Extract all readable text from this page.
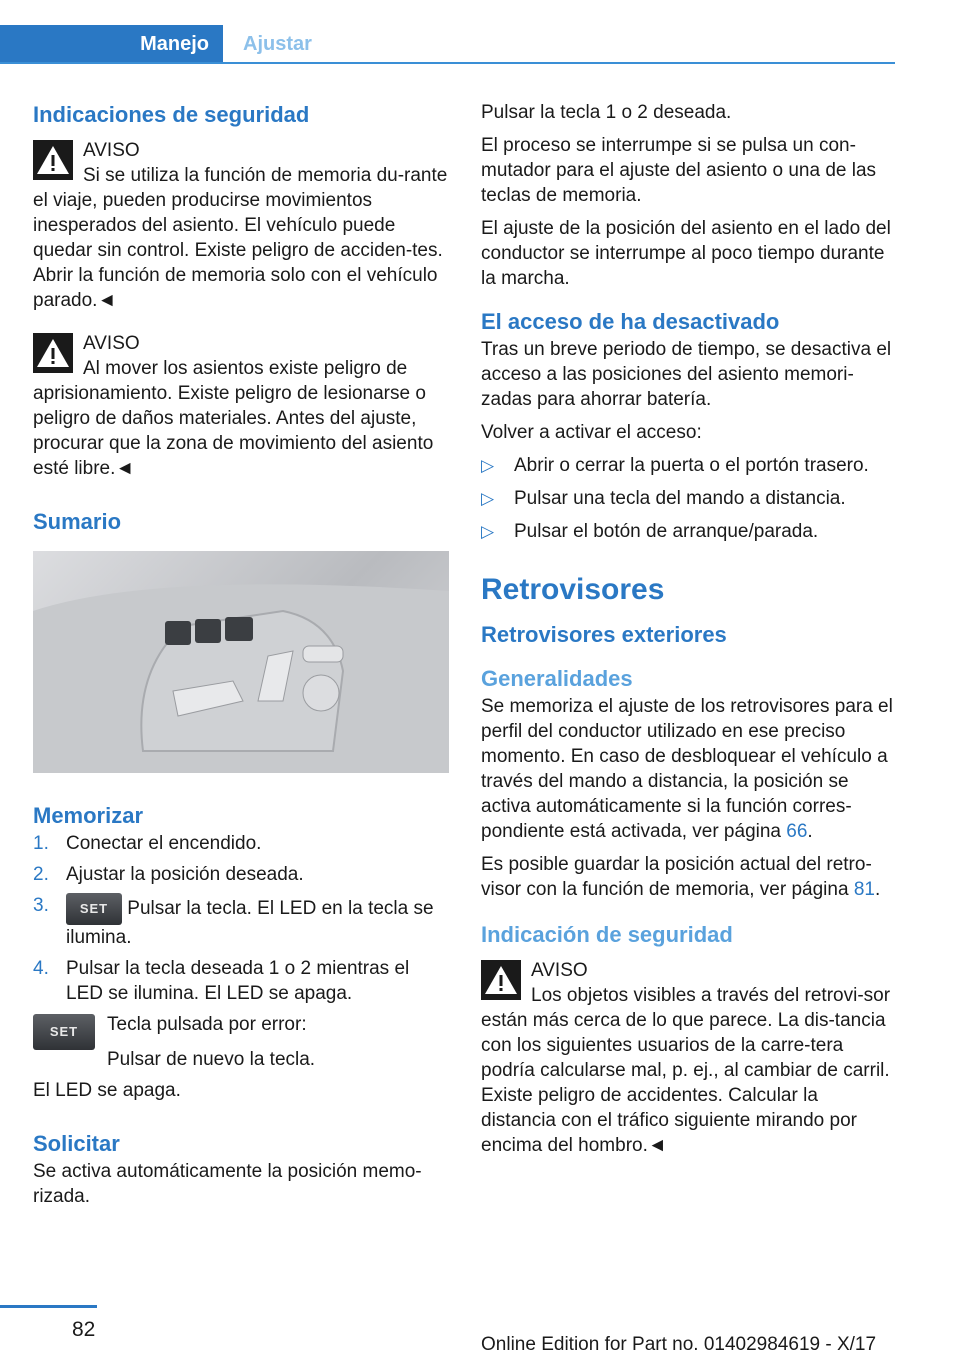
Manejo Ajustar
Indicaciones de seguridad
AVISO

Si se utiliza la función de memoria du-rante el viaje, pueden producirse movimientos inesperados del asiento. El vehículo puede quedar sin control. Existe peligro de acciden-tes. Abrir la función de memoria solo con el vehículo parado.◄

AVISO

Al mover los asientos existe peligro de aprisionamiento. Existe peligro de lesionarse o peligro de daños materiales. Antes del ajuste, procurar que la zona de movimiento del asiento esté libre.◄

Sumario
Memorizar
1. Conectar el encendido.
2. Ajustar la posición deseada.
3. SET Pulsar la tecla. El LED en la tecla se ilumina.
4. Pulsar la tecla deseada 1 o 2 mientras el LED se ilumina. El LED se apaga.
SET	Tecla pulsada por error:

Pulsar de nuevo la tecla.

El LED se apaga.

Solicitar

Se activa automáticamente la posición memo-rizada.

Pulsar la tecla 1 o 2 deseada.

El proceso se interrumpe si se pulsa un con-mutador para el ajuste del asiento o una de las teclas de memoria.

El ajuste de la posición del asiento en el lado del conductor se interrumpe al poco tiempo durante la marcha.

El acceso de ha desactivado

Tras un breve periodo de tiempo, se desactiva el acceso a las posiciones del asiento memori-zadas para ahorrar batería.

Volver a activar el acceso:

▷ Abrir o cerrar la puerta o el portón trasero.
▷ Pulsar una tecla del mando a distancia.
▷ Pulsar el botón de arranque/parada.
Retrovisores
Retrovisores exteriores
Generalidades

Se memoriza el ajuste de los retrovisores para el perfil del conductor utilizado en ese preciso momento. En caso de desbloquear el vehículo a través del mando a distancia, la posición se activa automáticamente si la función corres-pondiente está activada, ver página 66.

Es posible guardar la posición actual del retro-visor con la función de memoria, ver página 81.

Indicación de seguridad
AVISO

Los objetos visibles a través del retrovi-sor están más cerca de lo que parece. La dis-tancia con los siguientes usuarios de la carre-tera podría calcularse mal, p. ej., al cambiar de carril. Existe peligro de accidentes. Calcular la distancia con el tráfico siguiente mirando por encima del hombro.◄

82
Online Edition for Part no. 01402984619 - X/17
